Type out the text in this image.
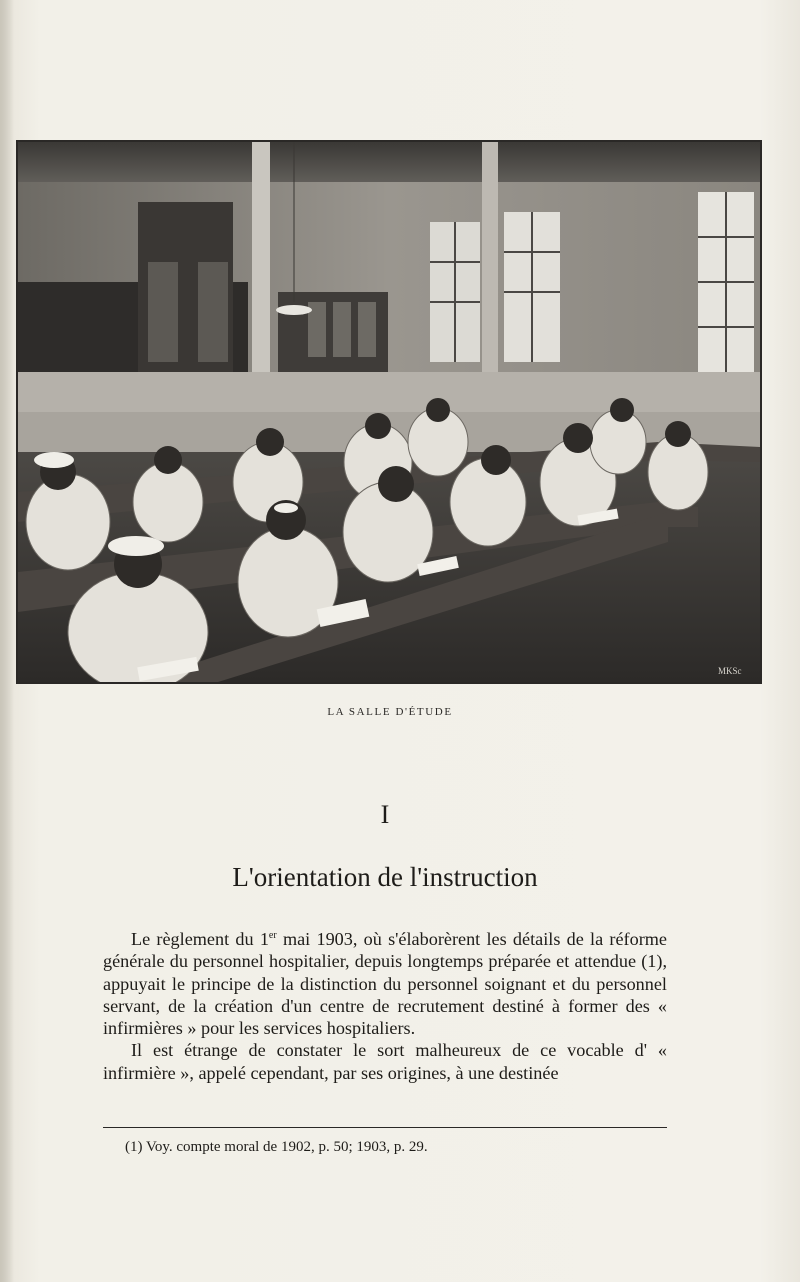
MKSc
LA SALLE D'ÉTUDE
I
L'orientation de l'instruction

Le règlement du 1er mai 1903, où s'élaborèrent les détails de la réforme générale du personnel hospitalier, depuis longtemps préparée et attendue (1), appuyait le principe de la distinction du personnel soignant et du personnel servant, de la création d'un centre de recrutement destiné à former des « infirmières » pour les services hospitaliers.

Il est étrange de constater le sort malheureux de ce vocable d' « infirmière », appelé cependant, par ses origines, à une destinée

(1) Voy. compte moral de 1902, p. 50; 1903, p. 29.
